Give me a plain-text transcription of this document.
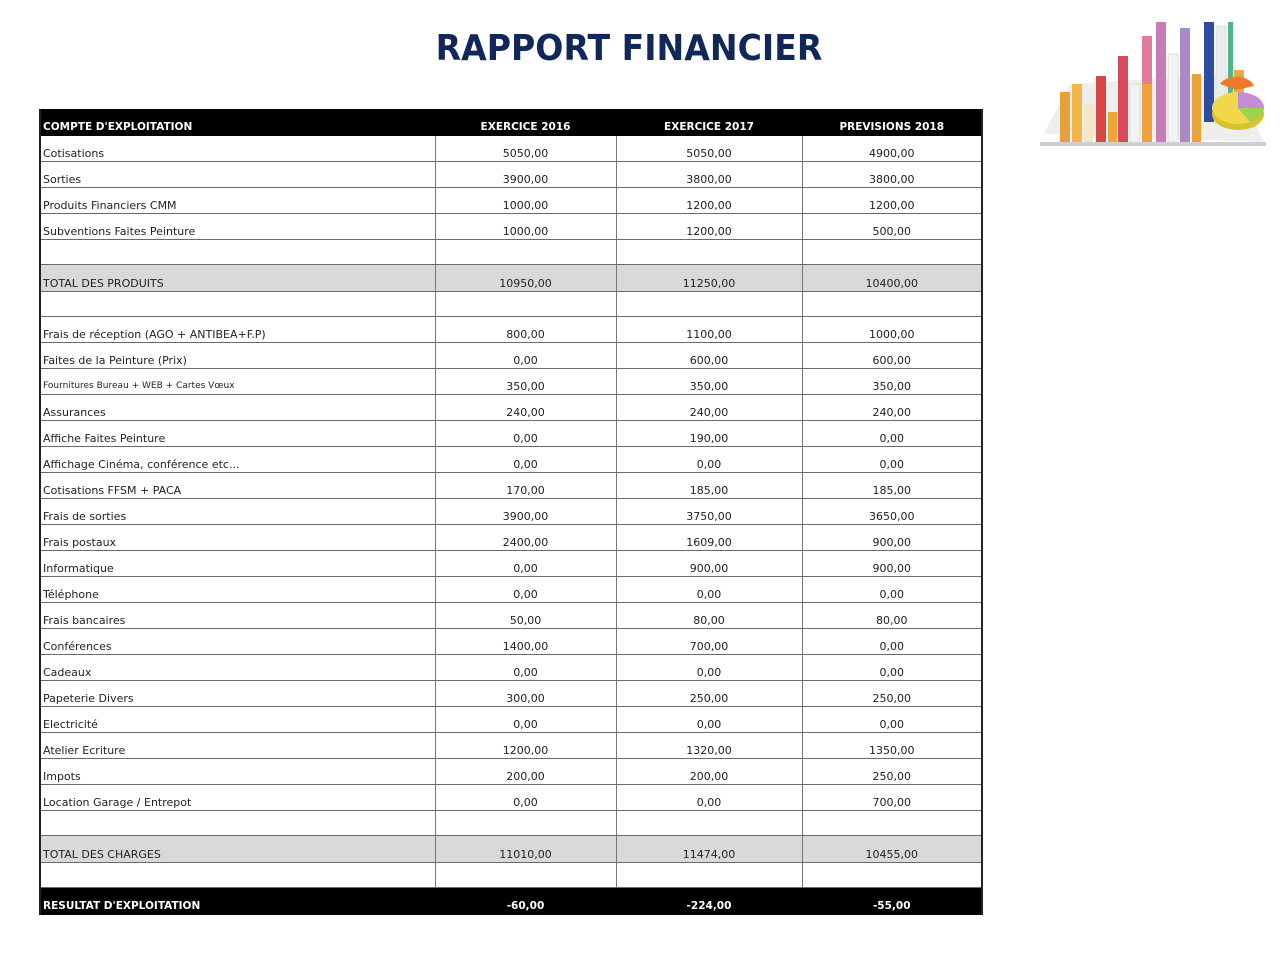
RAPPORT FINANCIER
COMPTE D'EXPLOITATION	EXERCICE 2016	EXERCICE 2017	PREVISIONS 2018
Cotisations	5050,00	5050,00	4900,00
Sorties	3900,00	3800,00	3800,00
Produits Financiers CMM	1000,00	1200,00	1200,00
Subventions Faites Peinture	1000,00	1200,00	500,00

TOTAL DES PRODUITS	10950,00	11250,00	10400,00

Frais de réception (AGO + ANTIBEA+F.P)	800,00	1100,00	1000,00
Faites de la Peinture (Prix)	0,00	600,00	600,00
Fournitures Bureau + WEB + Cartes Vœux	350,00	350,00	350,00
Assurances	240,00	240,00	240,00
Affiche Faites Peinture	0,00	190,00	0,00
Affichage Cinéma, conférence etc...	0,00	0,00	0,00
Cotisations FFSM + PACA	170,00	185,00	185,00
Frais de sorties	3900,00	3750,00	3650,00
Frais postaux	2400,00	1609,00	900,00
Informatique	0,00	900,00	900,00
Téléphone	0,00	0,00	0,00
Frais bancaires	50,00	80,00	80,00
Conférences	1400,00	700,00	0,00
Cadeaux	0,00	0,00	0,00
Papeterie Divers	300,00	250,00	250,00
Electricité	0,00	0,00	0,00
Atelier Ecriture	1200,00	1320,00	1350,00
Impots	200,00	200,00	250,00
Location Garage / Entrepot	0,00	0,00	700,00

TOTAL DES CHARGES	11010,00	11474,00	10455,00

RESULTAT D'EXPLOITATION	-60,00	-224,00	-55,00
